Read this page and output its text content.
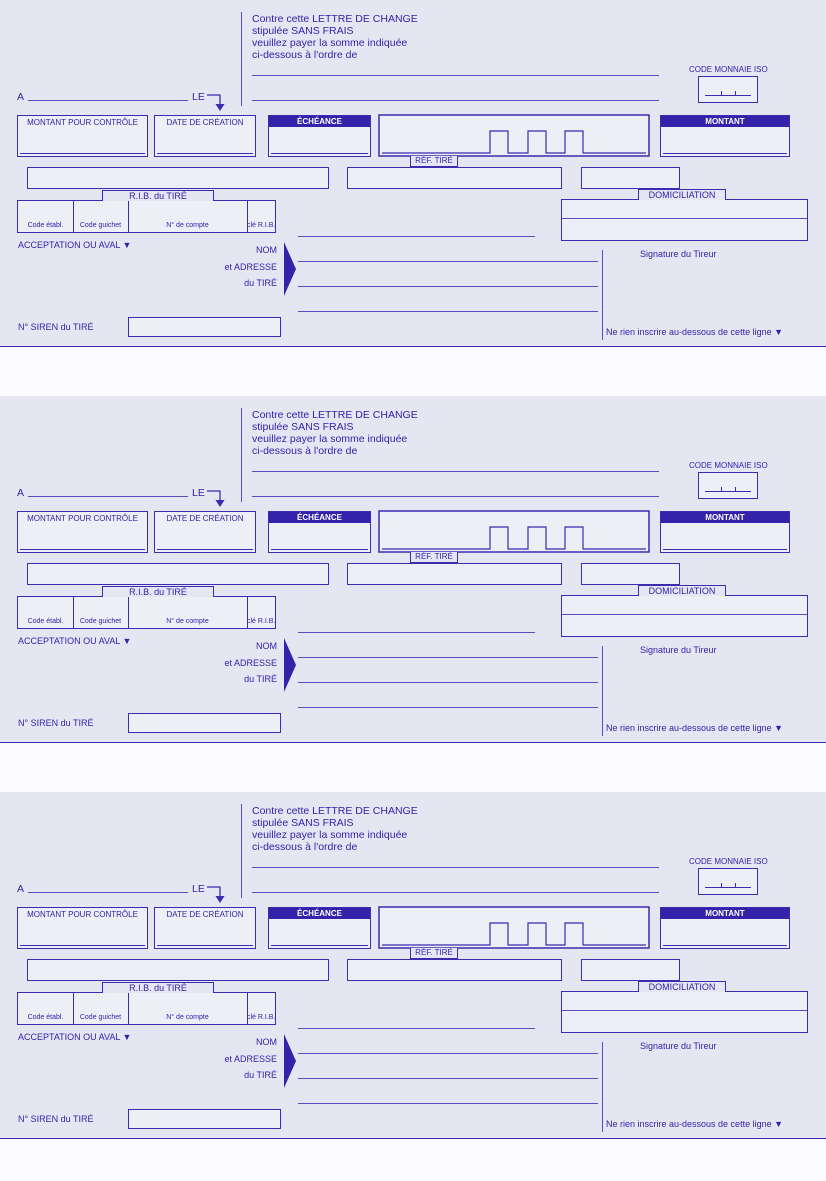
Contre cette LETTRE DE CHANGE
stipulée SANS FRAIS
veuillez payer la somme indiquée
ci-dessous à l'ordre de
A	LE
CODE MONNAIE ISO
MONTANT POUR CONTRÔLE	DATE DE CRÉATION	ÉCHÉANCE
RÉF. TIRÉ
MONTANT
Code établ.	Code guichet	N° de compte	clé R.I.B.
R.I.B. du TIRÉ	DOMICILIATION
ACCEPTATION OU AVAL ▼	NOM
et ADRESSE
du TIRÉ
Signature du Tireur
N° SIREN du TIRÉ	Ne rien inscrire au-dessous de cette ligne ▼
Contre cette LETTRE DE CHANGE
stipulée SANS FRAIS
veuillez payer la somme indiquée
ci-dessous à l'ordre de
A	LE
CODE MONNAIE ISO
MONTANT POUR CONTRÔLE	DATE DE CRÉATION	ÉCHÉANCE
RÉF. TIRÉ
MONTANT
Code établ.	Code guichet	N° de compte	clé R.I.B.
R.I.B. du TIRÉ	DOMICILIATION
ACCEPTATION OU AVAL ▼	NOM
et ADRESSE
du TIRÉ
Signature du Tireur
N° SIREN du TIRÉ	Ne rien inscrire au-dessous de cette ligne ▼
Contre cette LETTRE DE CHANGE
stipulée SANS FRAIS
veuillez payer la somme indiquée
ci-dessous à l'ordre de
A	LE
CODE MONNAIE ISO
MONTANT POUR CONTRÔLE	DATE DE CRÉATION	ÉCHÉANCE
RÉF. TIRÉ
MONTANT
Code établ.	Code guichet	N° de compte	clé R.I.B.
R.I.B. du TIRÉ	DOMICILIATION
ACCEPTATION OU AVAL ▼	NOM
et ADRESSE
du TIRÉ
Signature du Tireur
N° SIREN du TIRÉ	Ne rien inscrire au-dessous de cette ligne ▼
